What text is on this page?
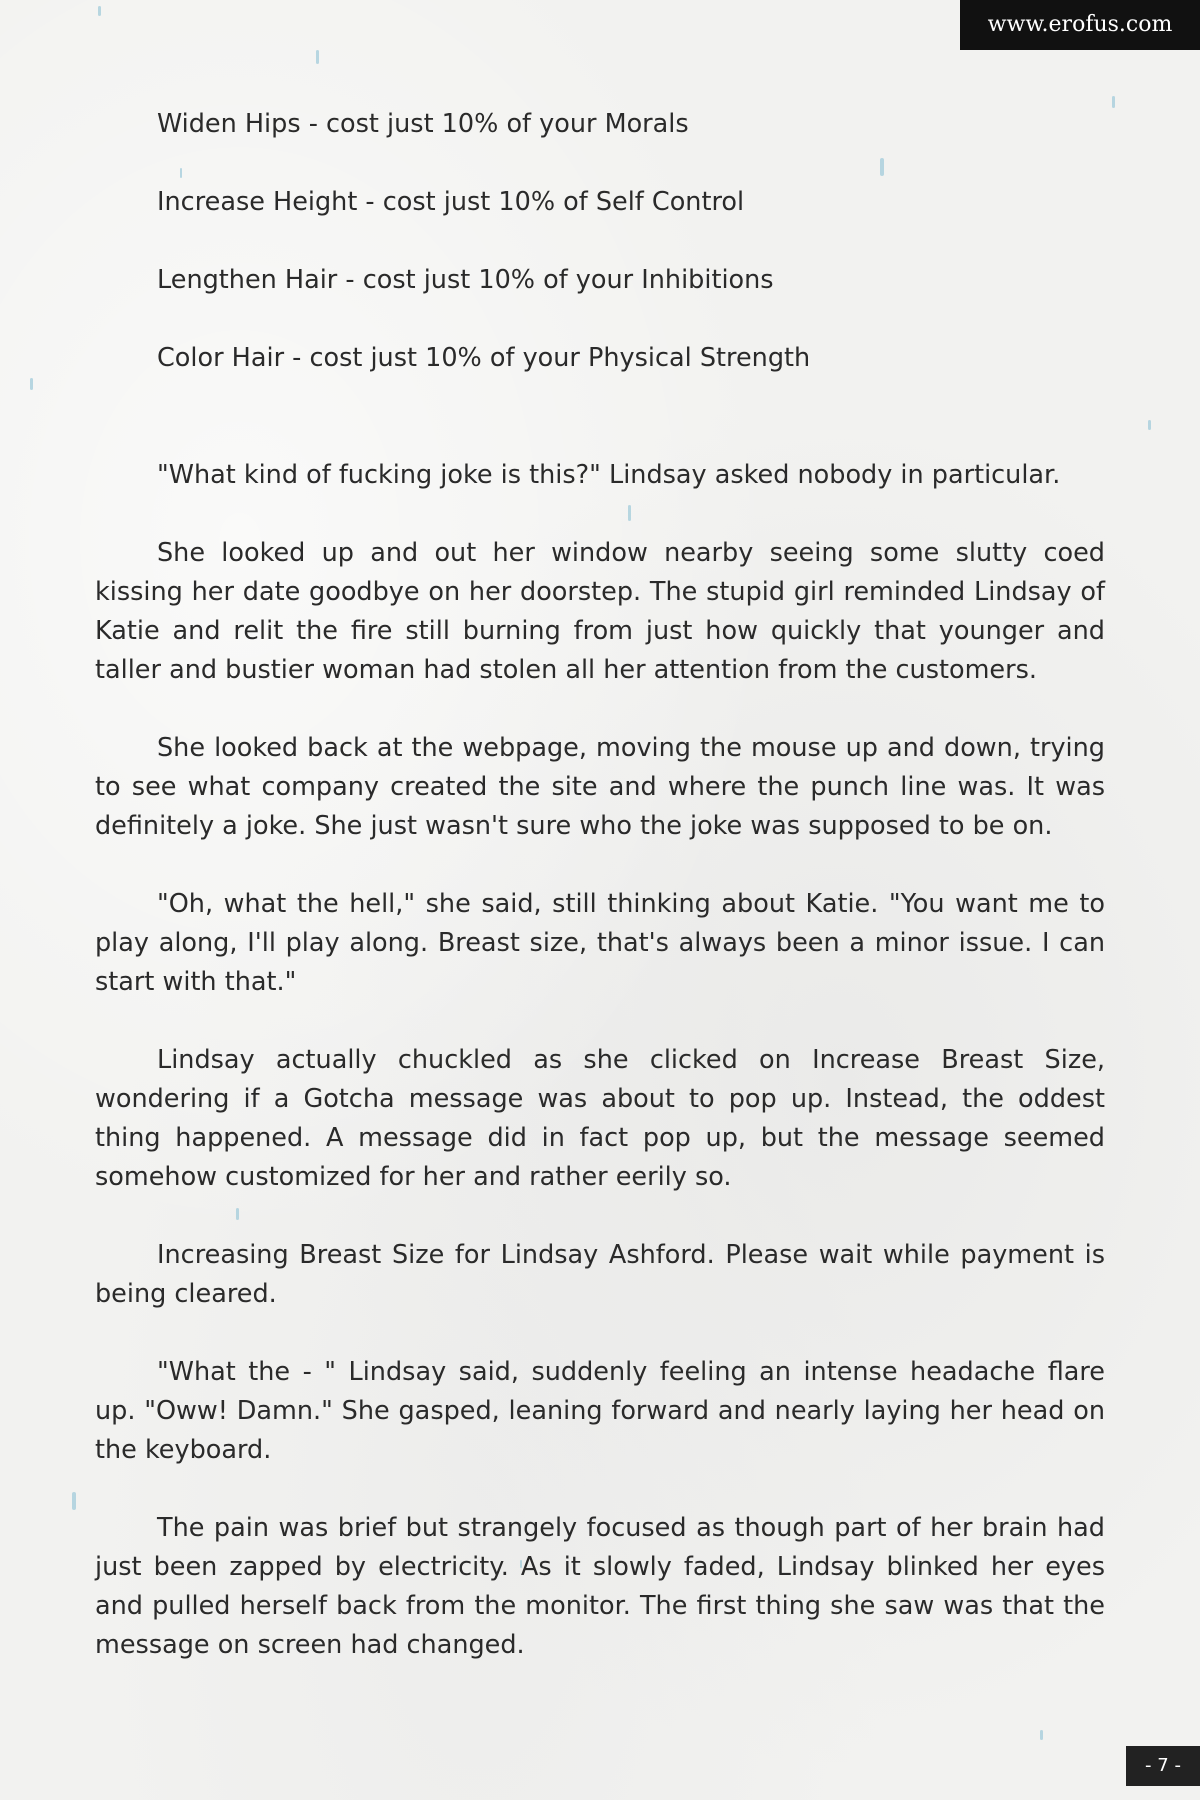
www.erofus.com
Widen Hips - cost just 10% of your Morals
Increase Height - cost just 10% of Self Control
Lengthen Hair - cost just 10% of your Inhibitions
Color Hair - cost just 10% of your Physical Strength

"What kind of fucking joke is this?" Lindsay asked nobody in particular.

She looked up and out her window nearby seeing some slutty coed kissing her date goodbye on her doorstep. The stupid girl reminded Lindsay of Katie and relit the fire still burning from just how quickly that younger and taller and bustier woman had stolen all her attention from the customers.

She looked back at the webpage, moving the mouse up and down, trying to see what company created the site and where the punch line was. It was definitely a joke. She just wasn't sure who the joke was supposed to be on.

"Oh, what the hell," she said, still thinking about Katie. "You want me to play along, I'll play along. Breast size, that's always been a minor issue. I can start with that."

Lindsay actually chuckled as she clicked on Increase Breast Size, wondering if a Gotcha message was about to pop up. Instead, the oddest thing happened. A message did in fact pop up, but the message seemed somehow customized for her and rather eerily so.

Increasing Breast Size for Lindsay Ashford. Please wait while payment is being cleared.

"What the - " Lindsay said, suddenly feeling an intense headache flare up. "Oww! Damn." She gasped, leaning forward and nearly laying her head on the keyboard.

The pain was brief but strangely focused as though part of her brain had just been zapped by electricity. As it slowly faded, Lindsay blinked her eyes and pulled herself back from the monitor. The first thing she saw was that the message on screen had changed.

- 7 -
